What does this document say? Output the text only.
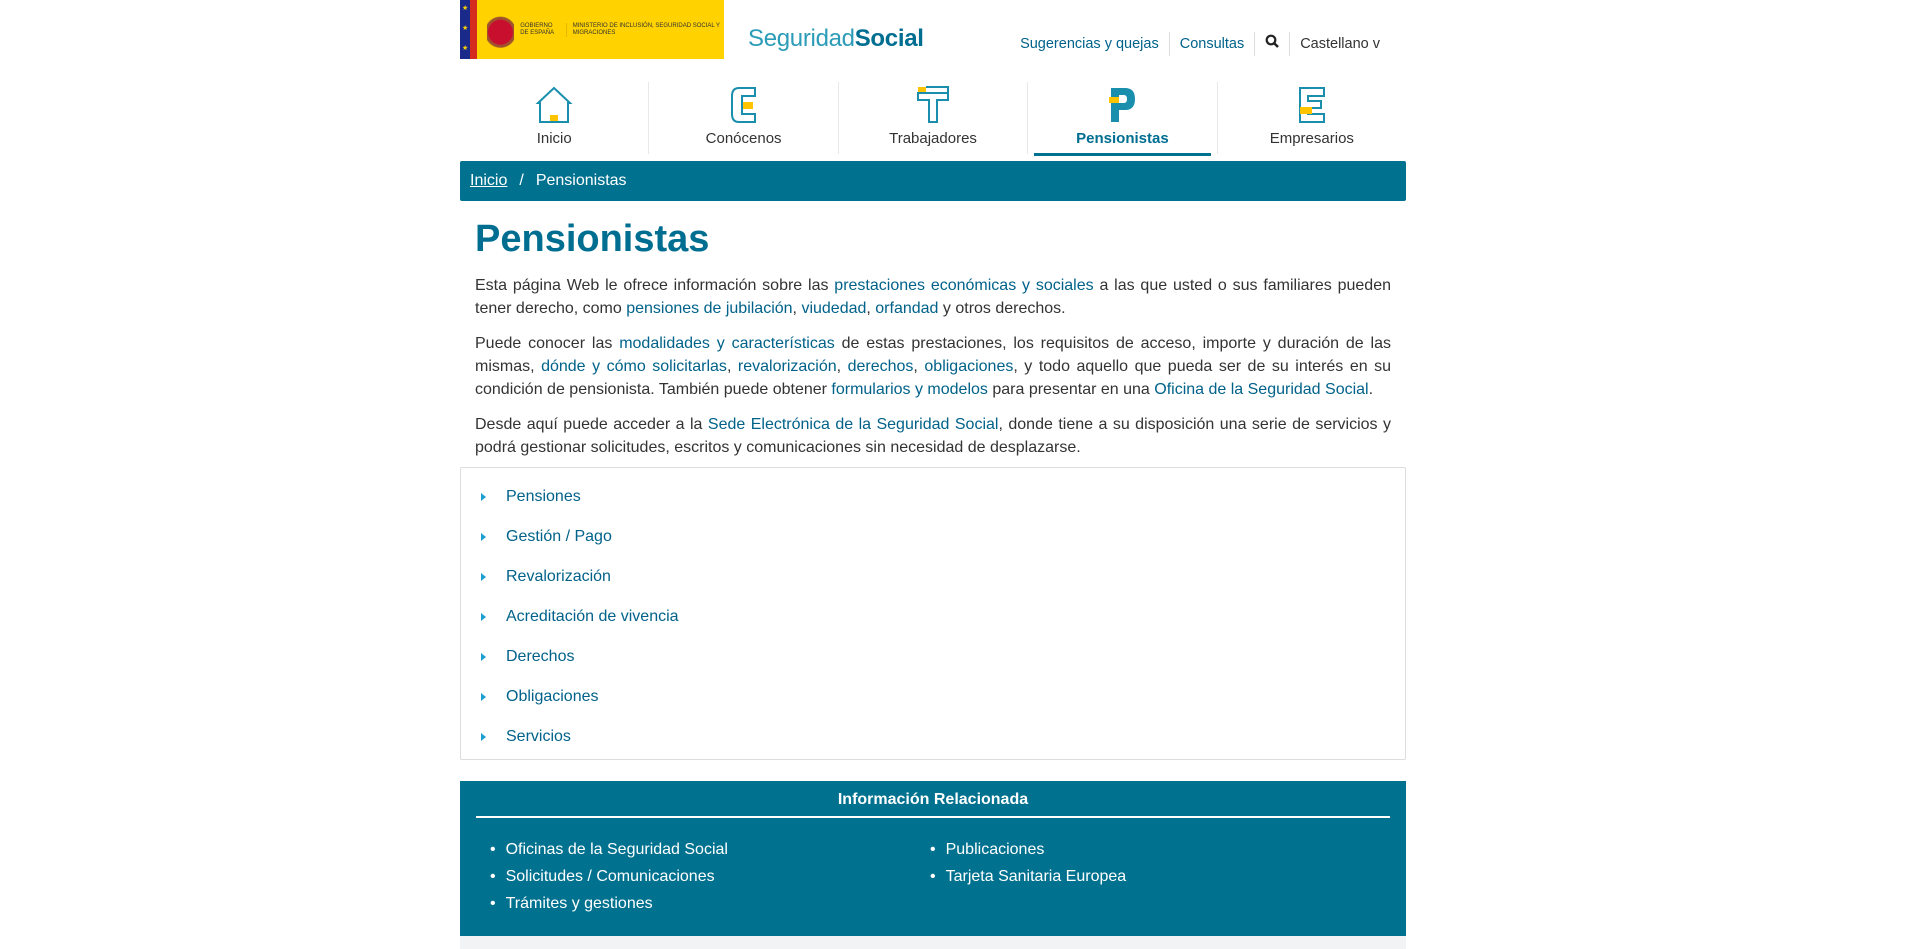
★
★
★
GOBIERNO DE ESPAÑA
MINISTERIO DE INCLUSIÓN, SEGURIDAD SOCIAL Y MIGRACIONES	SeguridadSocial	Sugerencias y quejas	Consultas	Castellano v
Inicio	Conócenos	Trabajadores	Pensionistas	Empresarios
Inicio / Pensionistas
Pensionistas

Esta página Web le ofrece información sobre las prestaciones económicas y sociales a las que usted o sus familiares pueden tener derecho, como pensiones de jubilación, viudedad, orfandad y otros derechos.

Puede conocer las modalidades y características de estas prestaciones, los requisitos de acceso, importe y duración de las mismas, dónde y cómo solicitarlas, revalorización, derechos, obligaciones, y todo aquello que pueda ser de su interés en su condición de pensionista. También puede obtener formularios y modelos para presentar en una Oficina de la Seguridad Social.

Desde aquí puede acceder a la Sede Electrónica de la Seguridad Social, donde tiene a su disposición una serie de servicios y podrá gestionar solicitudes, escritos y comunicaciones sin necesidad de desplazarse.

Pensiones
Gestión / Pago
Revalorización
Acreditación de vivencia
Derechos
Obligaciones
Servicios
Información Relacionada
• Oficinas de la Seguridad Social
• Solicitudes / Comunicaciones
• Trámites y gestiones
• Publicaciones
• Tarjeta Sanitaria Europea
